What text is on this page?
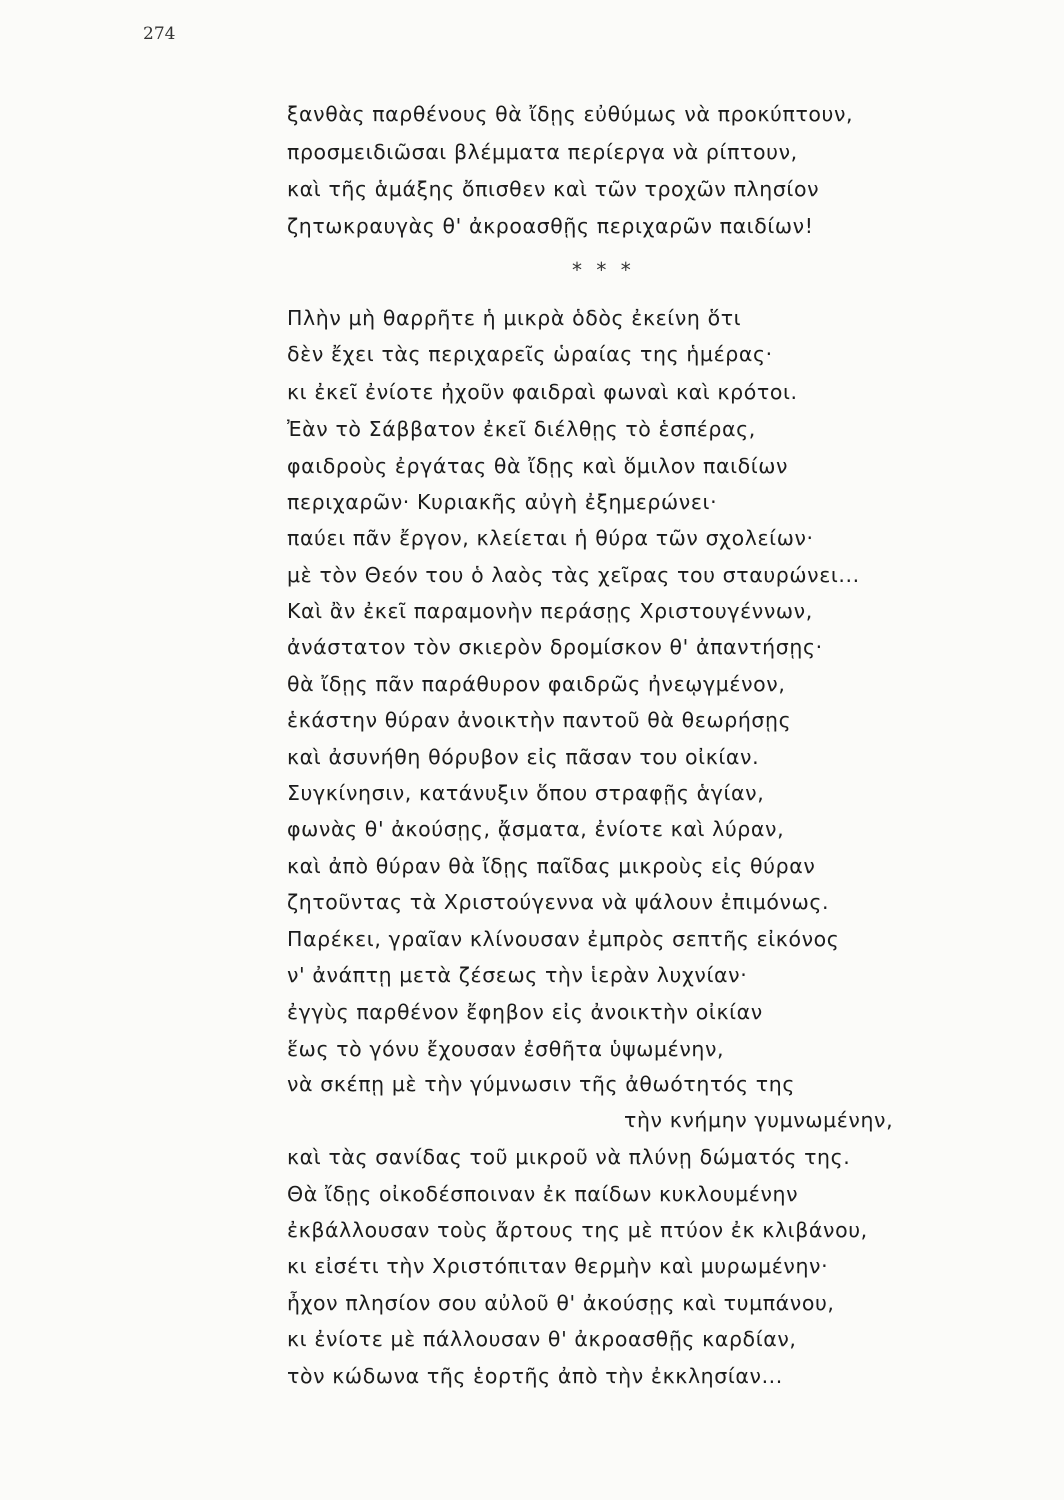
274
ξανθὰς παρθένους θὰ ἴδῃς εὐθύμως νὰ προκύπτουν,
προσμειδιῶσαι βλέμματα περίεργα νὰ ρίπτουν,
καὶ τῆς ἁμάξης ὄπισθεν καὶ τῶν τροχῶν πλησίον
ζητωκραυγὰς θ' ἀκροασθῇς περιχαρῶν παιδίων!
* * *
Πλὴν μὴ θαρρῆτε ἡ μικρὰ ὁδὸς ἐκείνη ὅτι
δὲν ἔχει τὰς περιχαρεῖς ὡραίας της ἡμέρας·
κι ἐκεῖ ἐνίοτε ἠχοῦν φαιδραὶ φωναὶ καὶ κρότοι.
Ἐὰν τὸ Σάββατον ἐκεῖ διέλθῃς τὸ ἑσπέρας,
φαιδροὺς ἐργάτας θὰ ἴδῃς καὶ ὅμιλον παιδίων
περιχαρῶν· Κυριακῆς αὐγὴ ἐξημερώνει·
παύει πᾶν ἔργον, κλείεται ἡ θύρα τῶν σχολείων·
μὲ τὸν Θεόν του ὁ λαὸς τὰς χεῖρας του σταυρώνει...
Καὶ ἂν ἐκεῖ παραμονὴν περάσῃς Χριστουγέννων,
ἀνάστατον τὸν σκιερὸν δρομίσκον θ' ἀπαντήσῃς·
θὰ ἴδῃς πᾶν παράθυρον φαιδρῶς ἠνεῳγμένον,
ἑκάστην θύραν ἀνοικτὴν παντοῦ θὰ θεωρήσῃς
καὶ ἀσυνήθη θόρυβον εἰς πᾶσαν του οἰκίαν.
Συγκίνησιν, κατάνυξιν ὅπου στραφῇς ἁγίαν,
φωνὰς θ' ἀκούσῃς, ᾄσματα, ἐνίοτε καὶ λύραν,
καὶ ἀπὸ θύραν θὰ ἴδῃς παῖδας μικροὺς εἰς θύραν
ζητοῦντας τὰ Χριστούγεννα νὰ ψάλουν ἐπιμόνως.
Παρέκει, γραῖαν κλίνουσαν ἐμπρὸς σεπτῆς εἰκόνος
ν' ἀνάπτῃ μετὰ ζέσεως τὴν ἱερὰν λυχνίαν·
ἐγγὺς παρθένον ἔφηβον εἰς ἀνοικτὴν οἰκίαν
ἕως τὸ γόνυ ἔχουσαν ἐσθῆτα ὑψωμένην,
νὰ σκέπῃ μὲ τὴν γύμνωσιν τῆς ἀθωότητός της
τὴν κνήμην γυμνωμένην,
καὶ τὰς σανίδας τοῦ μικροῦ νὰ πλύνῃ δώματός της.
Θὰ ἴδῃς οἰκοδέσποιναν ἐκ παίδων κυκλουμένην
ἐκβάλλουσαν τοὺς ἄρτους της μὲ πτύον ἐκ κλιβάνου,
κι εἰσέτι τὴν Χριστόπιταν θερμὴν καὶ μυρωμένην·
ἦχον πλησίον σου αὐλοῦ θ' ἀκούσῃς καὶ τυμπάνου,
κι ἐνίοτε μὲ πάλλουσαν θ' ἀκροασθῇς καρδίαν,
τὸν κώδωνα τῆς ἑορτῆς ἀπὸ τὴν ἐκκλησίαν...
